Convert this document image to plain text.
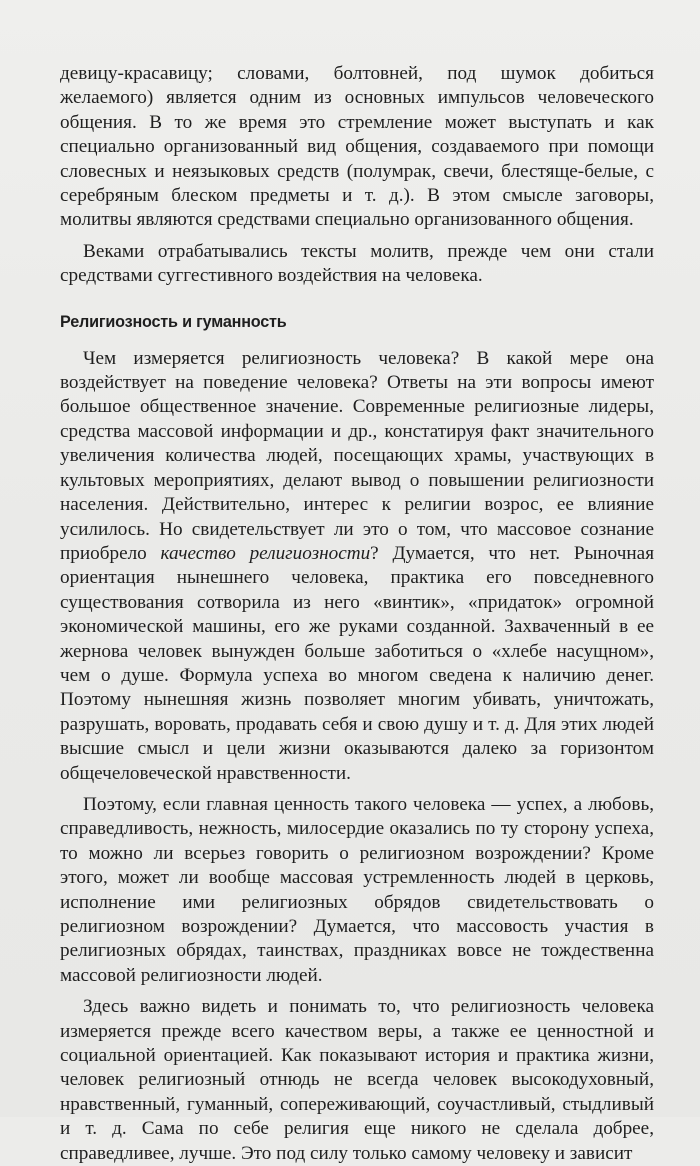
девицу-красавицу; словами, болтовней, под шумок добиться желаемого) является одним из основных импульсов человеческого общения. В то же время это стремление может выступать и как специально организованный вид общения, создаваемого при помощи словесных и неязыковых средств (полумрак, свечи, блестяще-белые, с серебряным блеском предметы и т. д.). В этом смысле заговоры, молитвы являются средствами специально организованного общения.

Веками отрабатывались тексты молитв, прежде чем они стали средствами суггестивного воздействия на человека.

Религиозность и гуманность

Чем измеряется религиозность человека? В какой мере она воздействует на поведение человека? Ответы на эти вопросы имеют большое общественное значение. Современные религиозные лидеры, средства массовой информации и др., констатируя факт значительного увеличения количества людей, посещающих храмы, участвующих в культовых мероприятиях, делают вывод о повышении религиозности населения. Действительно, интерес к религии возрос, ее влияние усилилось. Но свидетельствует ли это о том, что массовое сознание приобрело качество религиозности? Думается, что нет. Рыночная ориентация нынешнего человека, практика его повседневного существования сотворила из него «винтик», «придаток» огромной экономической машины, его же руками созданной. Захваченный в ее жернова человек вынужден больше заботиться о «хлебе насущном», чем о душе. Формула успеха во многом сведена к наличию денег. Поэтому нынешняя жизнь позволяет многим убивать, уничтожать, разрушать, воровать, продавать себя и свою душу и т. д. Для этих людей высшие смысл и цели жизни оказываются далеко за горизонтом общечеловеческой нравственности.

Поэтому, если главная ценность такого человека — успех, а любовь, справедливость, нежность, милосердие оказались по ту сторону успеха, то можно ли всерьез говорить о религиозном возрождении? Кроме этого, может ли вообще массовая устремленность людей в церковь, исполнение ими религиозных обрядов свидетельствовать о религиозном возрождении? Думается, что массовость участия в религиозных обрядах, таинствах, праздниках вовсе не тождественна массовой религиозности людей.

Здесь важно видеть и понимать то, что религиозность человека измеряется прежде всего качеством веры, а также ее ценностной и социальной ориентацией. Как показывают история и практика жизни, человек религиозный отнюдь не всегда человек высокодуховный, нравственный, гуманный, сопереживающий, соучастливый, стыдливый и т. д. Сама по себе религия еще никого не сделала добрее, справедливее, лучше. Это под силу только самому человеку и зависит
